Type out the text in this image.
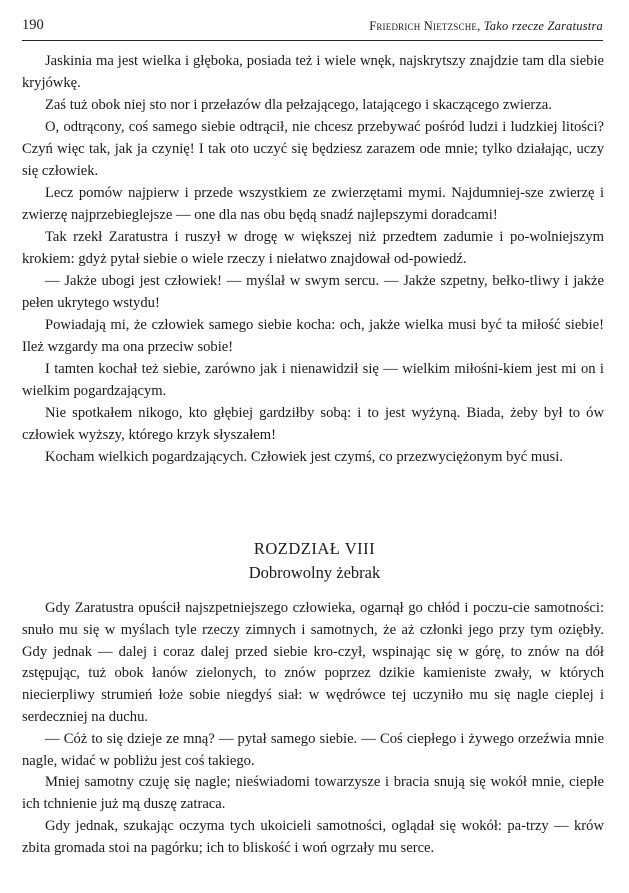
190	Friedrich Nietzsche, Tako rzecze Zaratustra

Jaskinia ma jest wielka i głęboka, posiada też i wiele wnęk, najskrytszy znajdzie tam dla siebie kryjówkę.

Zaś tuż obok niej sto nor i przełazów dla pełzającego, latającego i skaczącego zwierza.

O, odtrącony, coś samego siebie odtrącił, nie chcesz przebywać pośród ludzi i ludzkiej litości? Czyń więc tak, jak ja czynię! I tak oto uczyć się będziesz zarazem ode mnie; tylko działając, uczy się człowiek.

Lecz pomów najpierw i przede wszystkiem ze zwierzętami mymi. Najdumniej-sze zwierzę i zwierzę najprzebieglejsze — one dla nas obu będą snadź najlepszymi doradcami!

Tak rzekł Zaratustra i ruszył w drogę w większej niż przedtem zadumie i po-wolniejszym krokiem: gdyż pytał siebie o wiele rzeczy i niełatwo znajdował od-powiedź.

— Jakże ubogi jest człowiek! — myślał w swym sercu. — Jakże szpetny, bełko-tliwy i jakże pełen ukrytego wstydu!

Powiadają mi, że człowiek samego siebie kocha: och, jakże wielka musi być ta miłość siebie! Ileż wzgardy ma ona przeciw sobie!

I tamten kochał też siebie, zarówno jak i nienawidził się — wielkim miłośni-kiem jest mi on i wielkim pogardzającym.

Nie spotkałem nikogo, kto głębiej gardziłby sobą: i to jest wyżyną. Biada, żeby był to ów człowiek wyższy, którego krzyk słyszałem!

Kocham wielkich pogardzających. Człowiek jest czymś, co przezwyciężonym być musi.

ROZDZIAŁ VIII
Dobrowolny żebrak

Gdy Zaratustra opuścił najszpetniejszego człowieka, ogarnął go chłód i poczu-cie samotności: snuło mu się w myślach tyle rzeczy zimnych i samotnych, że aż członki jego przy tym oziębły. Gdy jednak — dalej i coraz dalej przed siebie kro-czył, wspinając się w górę, to znów na dół zstępując, tuż obok łanów zielonych, to znów poprzez dzikie kamieniste zwały, w których niecierpliwy strumień łoże sobie niegdyś siał: w wędrówce tej uczyniło mu się nagle cieplej i serdeczniej na duchu.

— Cóż to się dzieje ze mną? — pytał samego siebie. — Coś ciepłego i żywego orzeźwia mnie nagle, widać w pobliżu jest coś takiego.

Mniej samotny czuję się nagle; nieświadomi towarzysze i bracia snują się wokół mnie, ciepłe ich tchnienie już mą duszę zatraca.

Gdy jednak, szukając oczyma tych ukoicieli samotności, oglądał się wokół: pa-trzy — krów zbita gromada stoi na pagórku; ich to bliskość i woń ogrzały mu serce.
